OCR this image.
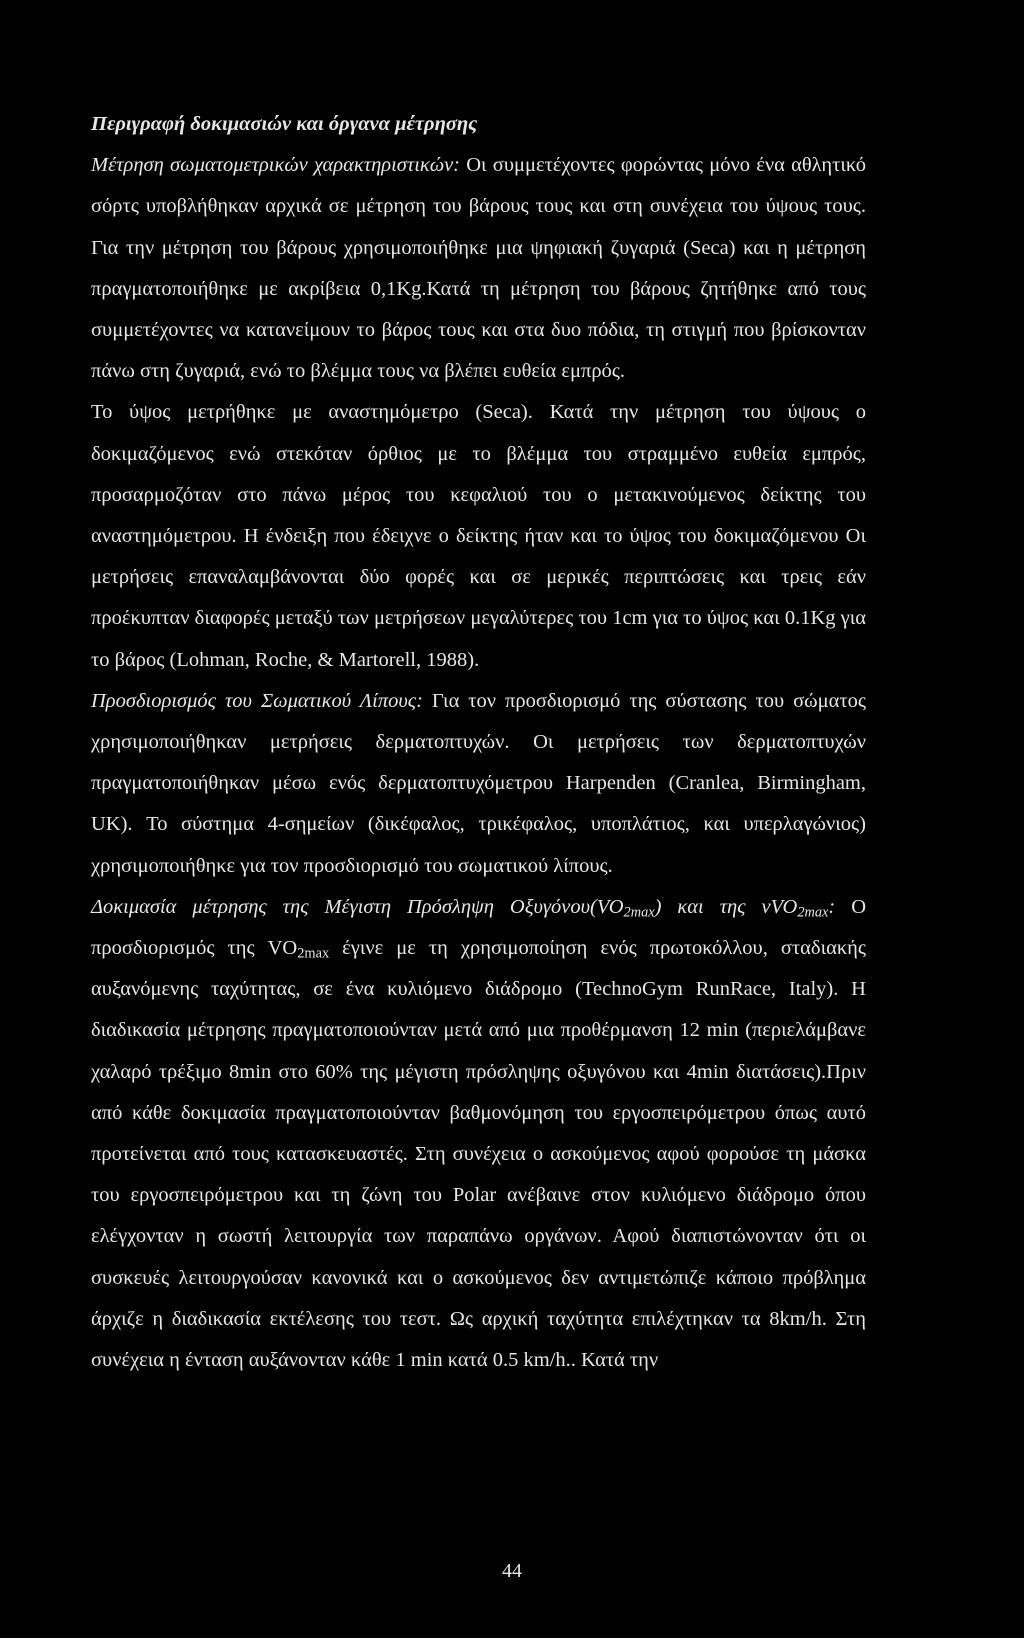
Περιγραφή δοκιμασιών και όργανα μέτρησης

Μέτρηση σωματομετρικών χαρακτηριστικών: Οι συμμετέχοντες φορώντας μόνο ένα αθλητικό σόρτς υποβλήθηκαν αρχικά σε μέτρηση του βάρους τους και στη συνέχεια του ύψους τους. Για την μέτρηση του βάρους χρησιμοποιήθηκε μια ψηφιακή ζυγαριά (Seca) και η μέτρηση πραγματοποιήθηκε με ακρίβεια 0,1Kg.Κατά τη μέτρηση του βάρους ζητήθηκε από τους συμμετέχοντες να κατανείμουν το βάρος τους και στα δυο πόδια, τη στιγμή που βρίσκονταν πάνω στη ζυγαριά, ενώ το βλέμμα τους να βλέπει ευθεία εμπρός.

Το ύψος μετρήθηκε με αναστημόμετρο (Seca). Κατά την μέτρηση του ύψους ο δοκιμαζόμενος ενώ στεκόταν όρθιος με το βλέμμα του στραμμένο ευθεία εμπρός, προσαρμοζόταν στο πάνω μέρος του κεφαλιού του ο μετακινούμενος δείκτης του αναστημόμετρου. Η ένδειξη που έδειχνε ο δείκτης ήταν και το ύψος του δοκιμαζόμενου Οι μετρήσεις επαναλαμβάνονται δύο φορές και σε μερικές περιπτώσεις και τρεις εάν προέκυπταν διαφορές μεταξύ των μετρήσεων μεγαλύτερες του 1cm για το ύψος και 0.1Kg για το βάρος (Lohman, Roche, & Martorell, 1988).

Προσδιορισμός του Σωματικού Λίπους: Για τον προσδιορισμό της σύστασης του σώματος χρησιμοποιήθηκαν μετρήσεις δερματοπτυχών. Οι μετρήσεις των δερματοπτυχών πραγματοποιήθηκαν μέσω ενός δερματοπτυχόμετρου Harpenden (Cranlea, Birmingham, UK). Το σύστημα 4-σημείων (δικέφαλος, τρικέφαλος, υποπλάτιος, και υπερλαγώνιος) χρησιμοποιήθηκε για τον προσδιορισμό του σωματικού λίπους.

Δοκιμασία μέτρησης της Μέγιστη Πρόσληψη $O\xi\upsilon\gamma ό\nu o\upsilon(VO_{2max})$ και της vVO$_{2max}$: Ο προσδιορισμός της $VO_{2max}$ έγινε με τη χρησιμοποίηση ενός πρωτοκόλλου, σταδιακής αυξανόμενης ταχύτητας, σε ένα κυλιόμενο διάδρομο (TechnoGym RunRace, Italy). Η διαδικασία μέτρησης πραγματοποιούνταν μετά από μια προθέρμανση 12 min (περιελάμβανε χαλαρό τρέξιμο 8min στο 60% της μέγιστη πρόσληψης οξυγόνου και 4min διατάσεις).Πριν από κάθε δοκιμασία πραγματοποιούνταν βαθμονόμηση του εργοσπειρόμετρου όπως αυτό προτείνεται από τους κατασκευαστές. Στη συνέχεια ο ασκούμενος αφού φορούσε τη μάσκα του εργοσπειρόμετρου και τη ζώνη του Polar ανέβαινε στον κυλιόμενο διάδρομο όπου ελέγχονταν η σωστή λειτουργία των παραπάνω οργάνων. Αφού διαπιστώνονταν ότι οι συσκευές λειτουργούσαν κανονικά και ο ασκούμενος δεν αντιμετώπιζε κάποιο πρόβλημα άρχιζε η διαδικασία εκτέλεσης του τεστ. Ως αρχική ταχύτητα επιλέχτηκαν τα 8km/h. Στη συνέχεια η ένταση αυξάνονταν κάθε 1 min κατά 0.5 km/h.. Κατά την

44
